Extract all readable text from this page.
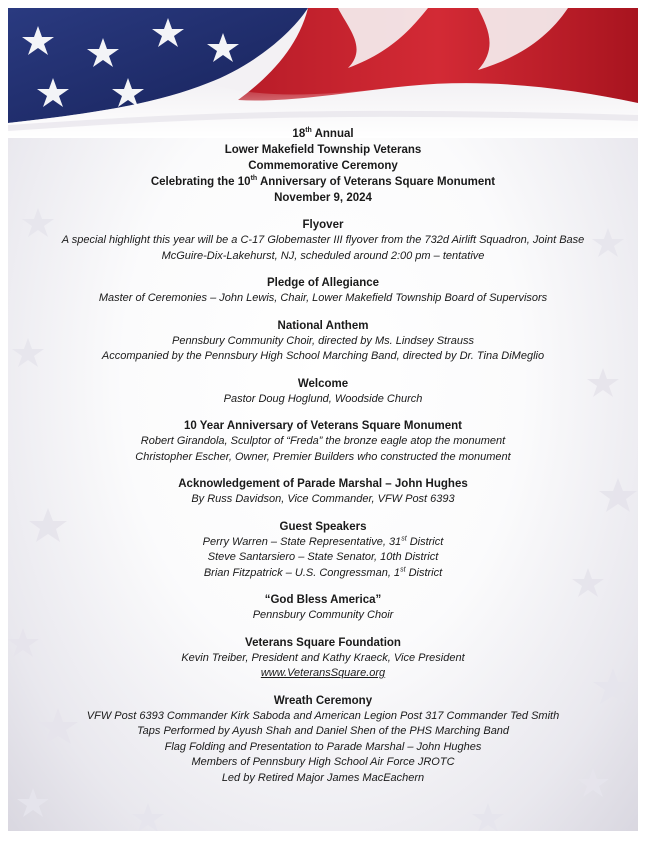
18th Annual

Lower Makefield Township Veterans

Commemorative Ceremony

Celebrating the 10th Anniversary of Veterans Square Monument

November 9, 2024

Flyover

A special highlight this year will be a C-17 Globemaster III flyover from the 732d Airlift Squadron, Joint Base

McGuire-Dix-Lakehurst, NJ, scheduled around 2:00 pm – tentative

Pledge of Allegiance

Master of Ceremonies – John Lewis, Chair, Lower Makefield Township Board of Supervisors

National Anthem

Pennsbury Community Choir, directed by Ms. Lindsey Strauss

Accompanied by the Pennsbury High School Marching Band, directed by Dr. Tina DiMeglio

Welcome

Pastor Doug Hoglund, Woodside Church

10 Year Anniversary of Veterans Square Monument

Robert Girandola, Sculptor of “Freda” the bronze eagle atop the monument

Christopher Escher, Owner, Premier Builders who constructed the monument

Acknowledgement of Parade Marshal – John Hughes

By Russ Davidson, Vice Commander, VFW Post 6393

Guest Speakers

Perry Warren – State Representative, 31st District

Steve Santarsiero – State Senator, 10th District

Brian Fitzpatrick – U.S. Congressman, 1st District

“God Bless America”

Pennsbury Community Choir

Veterans Square Foundation

Kevin Treiber, President and Kathy Kraeck, Vice President

www.VeteransSquare.org

Wreath Ceremony

VFW Post 6393 Commander Kirk Saboda and American Legion Post 317 Commander Ted Smith

Taps Performed by Ayush Shah and Daniel Shen of the PHS Marching Band

Flag Folding and Presentation to Parade Marshal – John Hughes

Members of Pennsbury High School Air Force JROTC

Led by Retired Major James MacEachern
